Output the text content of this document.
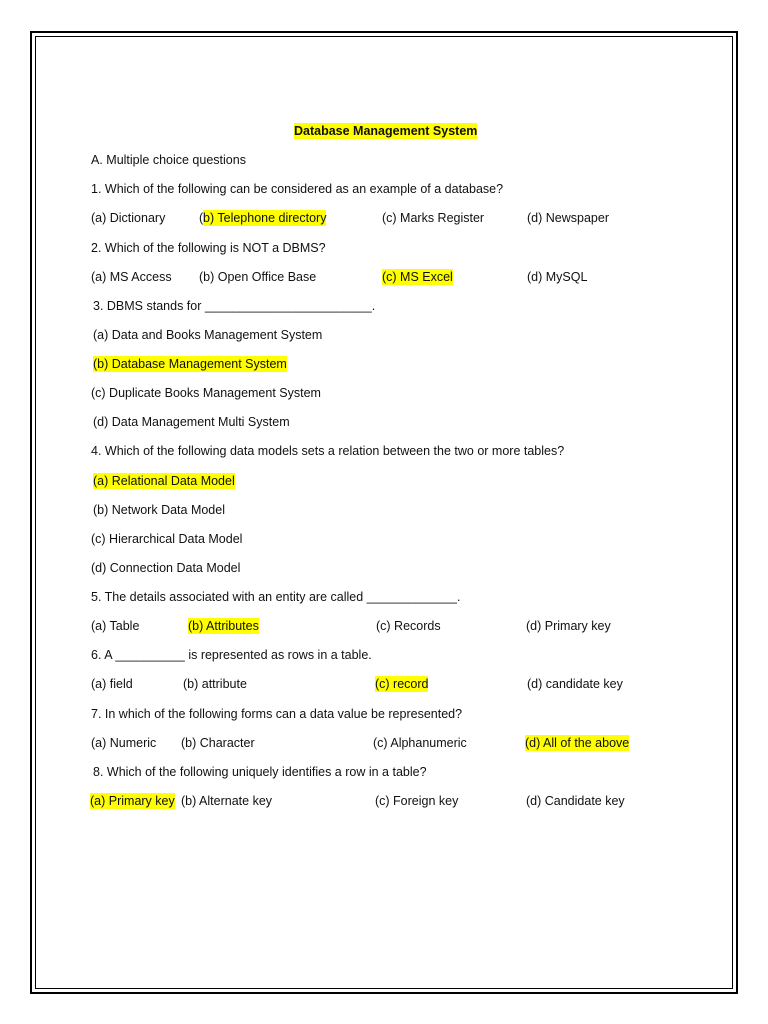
Database Management System
A. Multiple choice questions
1. Which of the following can be considered as an example of a database?
(a) Dictionary	( b) Telephone directory	(c) Marks Register	(d) Newspaper
2. Which of the following is NOT a DBMS?
(a) MS Access (b) Open Office Base	(c) MS Excel	(d) MySQL
3. DBMS stands for ________________________.
(a) Data and Books Management System
(b) Database Management System
(c) Duplicate Books Management System
(d) Data Management Multi System
4. Which of the following data models sets a relation between the two or more tables?
(a) Relational Data Model
(b) Network Data Model
(c) Hierarchical Data Model
(d) Connection Data Model
5. The details associated with an entity are called _____________.
(a) Table	(b) Attributes	(c) Records	(d) Primary key
6. A __________ is represented as rows in a table.
(a) field	(b) attribute	(c) record	(d) candidate key
7. In which of the following forms can a data value be represented?
(a) Numeric (b) Character	(c) Alphanumeric	(d) All of the above
8. Which of the following uniquely identifies a row in a table?
(a) Primary key (b) Alternate key	(c) Foreign key	(d) Candidate key
